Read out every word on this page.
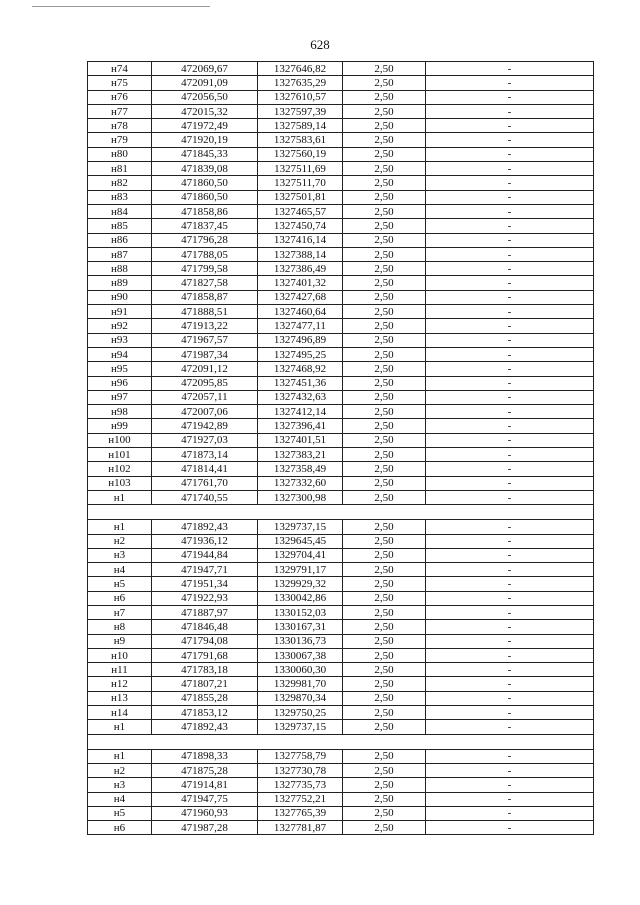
628
н74	472069,67	1327646,82	2,50	-
н75	472091,09	1327635,29	2,50	-
н76	472056,50	1327610,57	2,50	-
н77	472015,32	1327597,39	2,50	-
н78	471972,49	1327589,14	2,50	-
н79	471920,19	1327583,61	2,50	-
н80	471845,33	1327560,19	2,50	-
н81	471839,08	1327511,69	2,50	-
н82	471860,50	1327511,70	2,50	-
н83	471860,50	1327501,81	2,50	-
н84	471858,86	1327465,57	2,50	-
н85	471837,45	1327450,74	2,50	-
н86	471796,28	1327416,14	2,50	-
н87	471788,05	1327388,14	2,50	-
н88	471799,58	1327386,49	2,50	-
н89	471827,58	1327401,32	2,50	-
н90	471858,87	1327427,68	2,50	-
н91	471888,51	1327460,64	2,50	-
н92	471913,22	1327477,11	2,50	-
н93	471967,57	1327496,89	2,50	-
н94	471987,34	1327495,25	2,50	-
н95	472091,12	1327468,92	2,50	-
н96	472095,85	1327451,36	2,50	-
н97	472057,11	1327432,63	2,50	-
н98	472007,06	1327412,14	2,50	-
н99	471942,89	1327396,41	2,50	-
н100	471927,03	1327401,51	2,50	-
н101	471873,14	1327383,21	2,50	-
н102	471814,41	1327358,49	2,50	-
н103	471761,70	1327332,60	2,50	-
н1	471740,55	1327300,98	2,50	-

н1	471892,43	1329737,15	2,50	-
н2	471936,12	1329645,45	2,50	-
н3	471944,84	1329704,41	2,50	-
н4	471947,71	1329791,17	2,50	-
н5	471951,34	1329929,32	2,50	-
н6	471922,93	1330042,86	2,50	-
н7	471887,97	1330152,03	2,50	-
н8	471846,48	1330167,31	2,50	-
н9	471794,08	1330136,73	2,50	-
н10	471791,68	1330067,38	2,50	-
н11	471783,18	1330060,30	2,50	-
н12	471807,21	1329981,70	2,50	-
н13	471855,28	1329870,34	2,50	-
н14	471853,12	1329750,25	2,50	-
н1	471892,43	1329737,15	2,50	-

н1	471898,33	1327758,79	2,50	-
н2	471875,28	1327730,78	2,50	-
н3	471914,81	1327735,73	2,50	-
н4	471947,75	1327752,21	2,50	-
н5	471960,93	1327765,39	2,50	-
н6	471987,28	1327781,87	2,50	-
